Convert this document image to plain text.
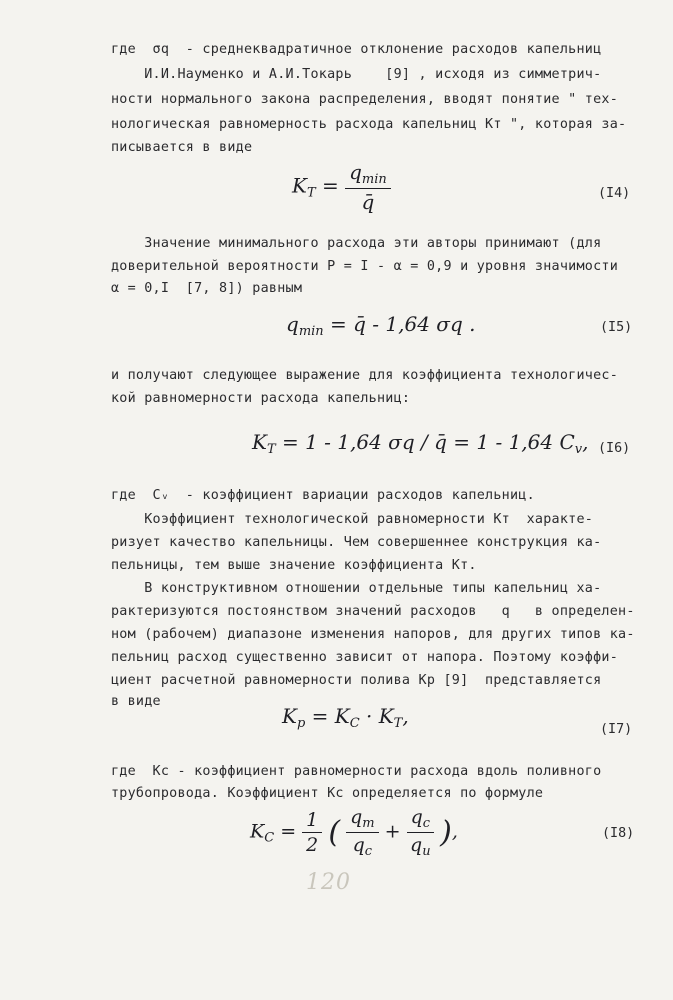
где  σq  - среднеквадратичное отклонение расходов капельниц
И.И.Науменко и А.И.Токарь    [9] , исходя из симметрич-
ности нормального закона распределения, вводят понятие " тех-
нологическая равномерность расхода капельниц Kт ", которая за-
писывается в виде
$K_T = \frac{q_{min}}{q̄}$	(I4)
Значение минимального расхода эти авторы принимают (для
доверительной вероятности P = I - α = 0,9 и уровня значимости
α = 0,I  [7, 8]) равным
$q_{min}$ = q̄ - 1,64 σq .	(I5)
и получают следующее выражение для коэффициента технологичес-
кой равномерности расхода капельниц:
$K_T = 1 - 1,64$ σq / q̄ = 1 - 1,64 $C_v$, (I6)
где  Cᵥ  - коэффициент вариации расходов капельниц.
Коэффициент технологической равномерности Kт  характе-
ризует качество капельницы. Чем совершеннее конструкция ка-
пельницы, тем выше значение коэффициента Kт.
В конструктивном отношении отдельные типы капельниц ха-
рактеризуются постоянством значений расходов   q   в определен-
ном (рабочем) диапазоне изменения напоров, для других типов ка-
пельниц расход существенно зависит от напора. Поэтому коэффи-
циент расчетной равномерности полива Kр [9]  представляется
в виде
$K_p = K_C \cdot K_T$,
(I7)
где  Kс - коэффициент равномерности расхода вдоль поливного
трубопровода. Коэффициент Kс определяется по формуле
$K_C = \frac{1}{2}$ ( $\frac{q_m}{q_c} + \frac{q_c}{q_u}$ ),	(I8)
120
